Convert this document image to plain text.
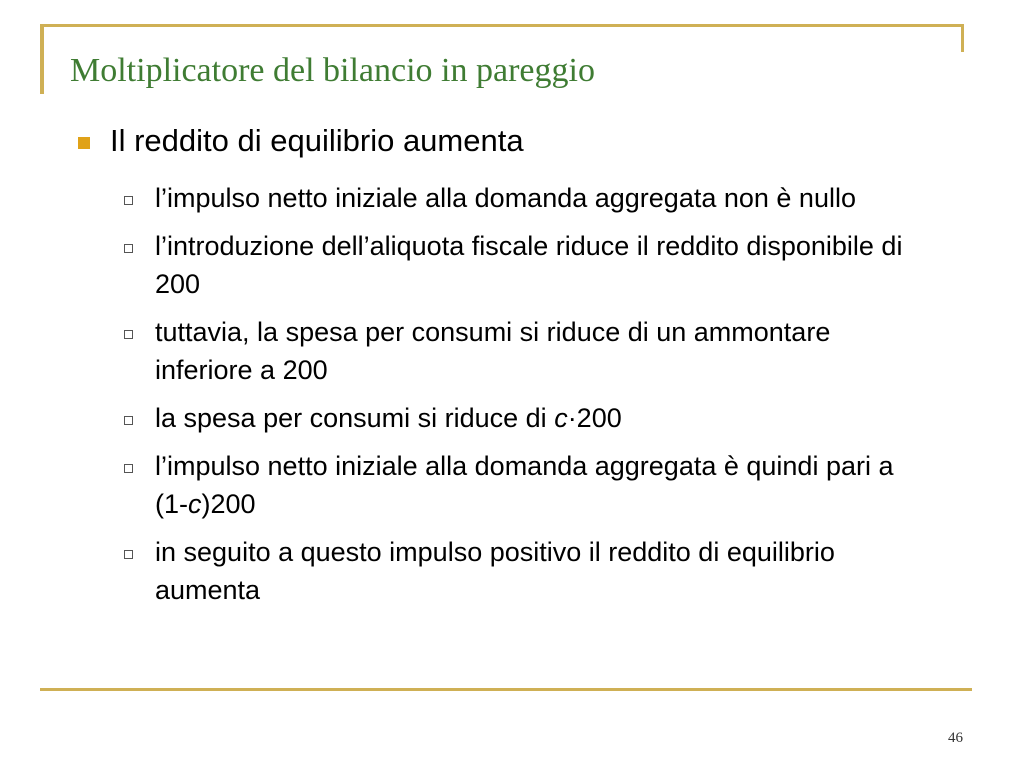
Moltiplicatore del bilancio in pareggio
Il reddito di equilibrio aumenta
l’impulso netto iniziale alla domanda aggregata non è nullo
l’introduzione dell’aliquota fiscale riduce il reddito disponibile di 200
tuttavia, la spesa per consumi si riduce di un ammontare inferiore a 200
la spesa per consumi si riduce di c·200
l’impulso netto iniziale alla domanda aggregata è quindi pari a (1-c)200
in seguito a questo impulso positivo il reddito di equilibrio aumenta
46
